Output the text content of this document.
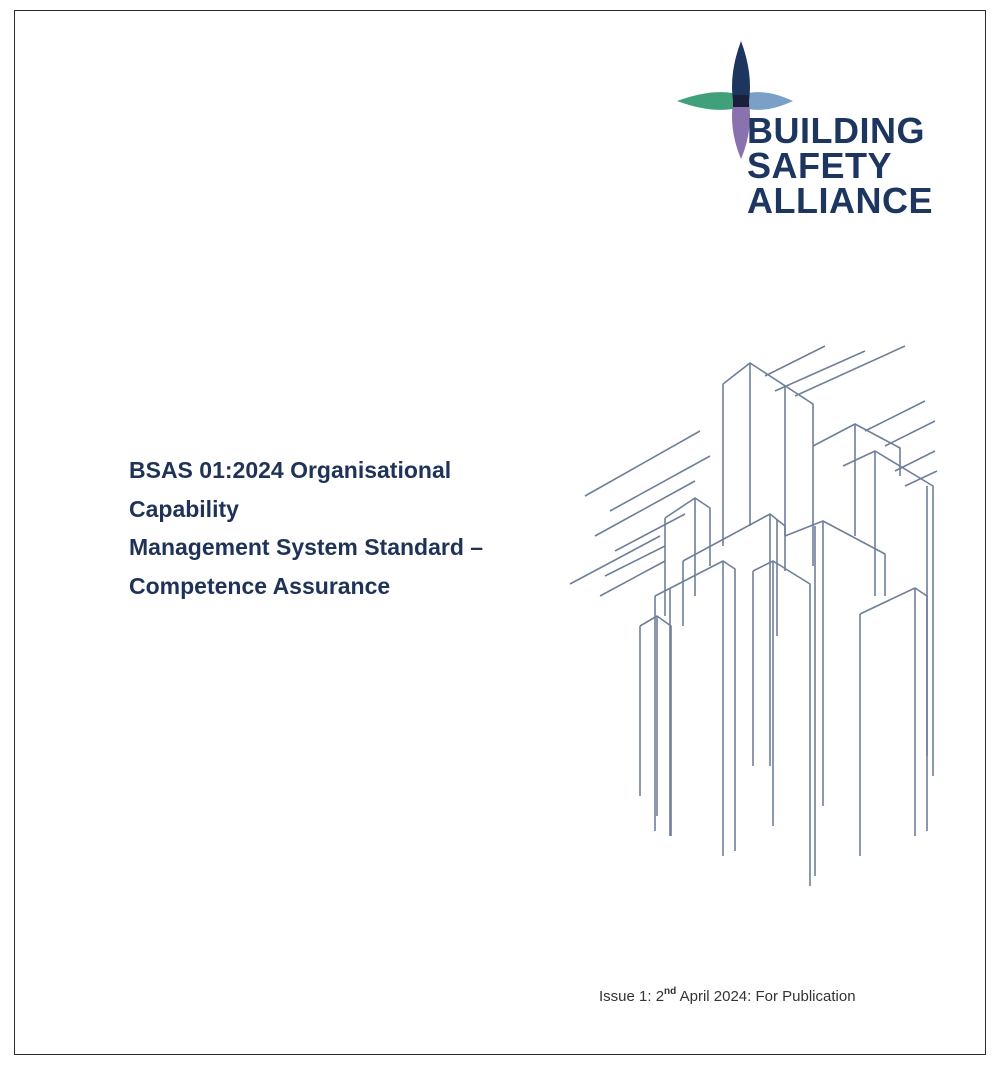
BUILDING
SAFETY
ALLIANCE
BSAS 01:2024 Organisational
Capability
Management System Standard –
Competence Assurance
Issue 1: 2nd April 2024: For Publication
